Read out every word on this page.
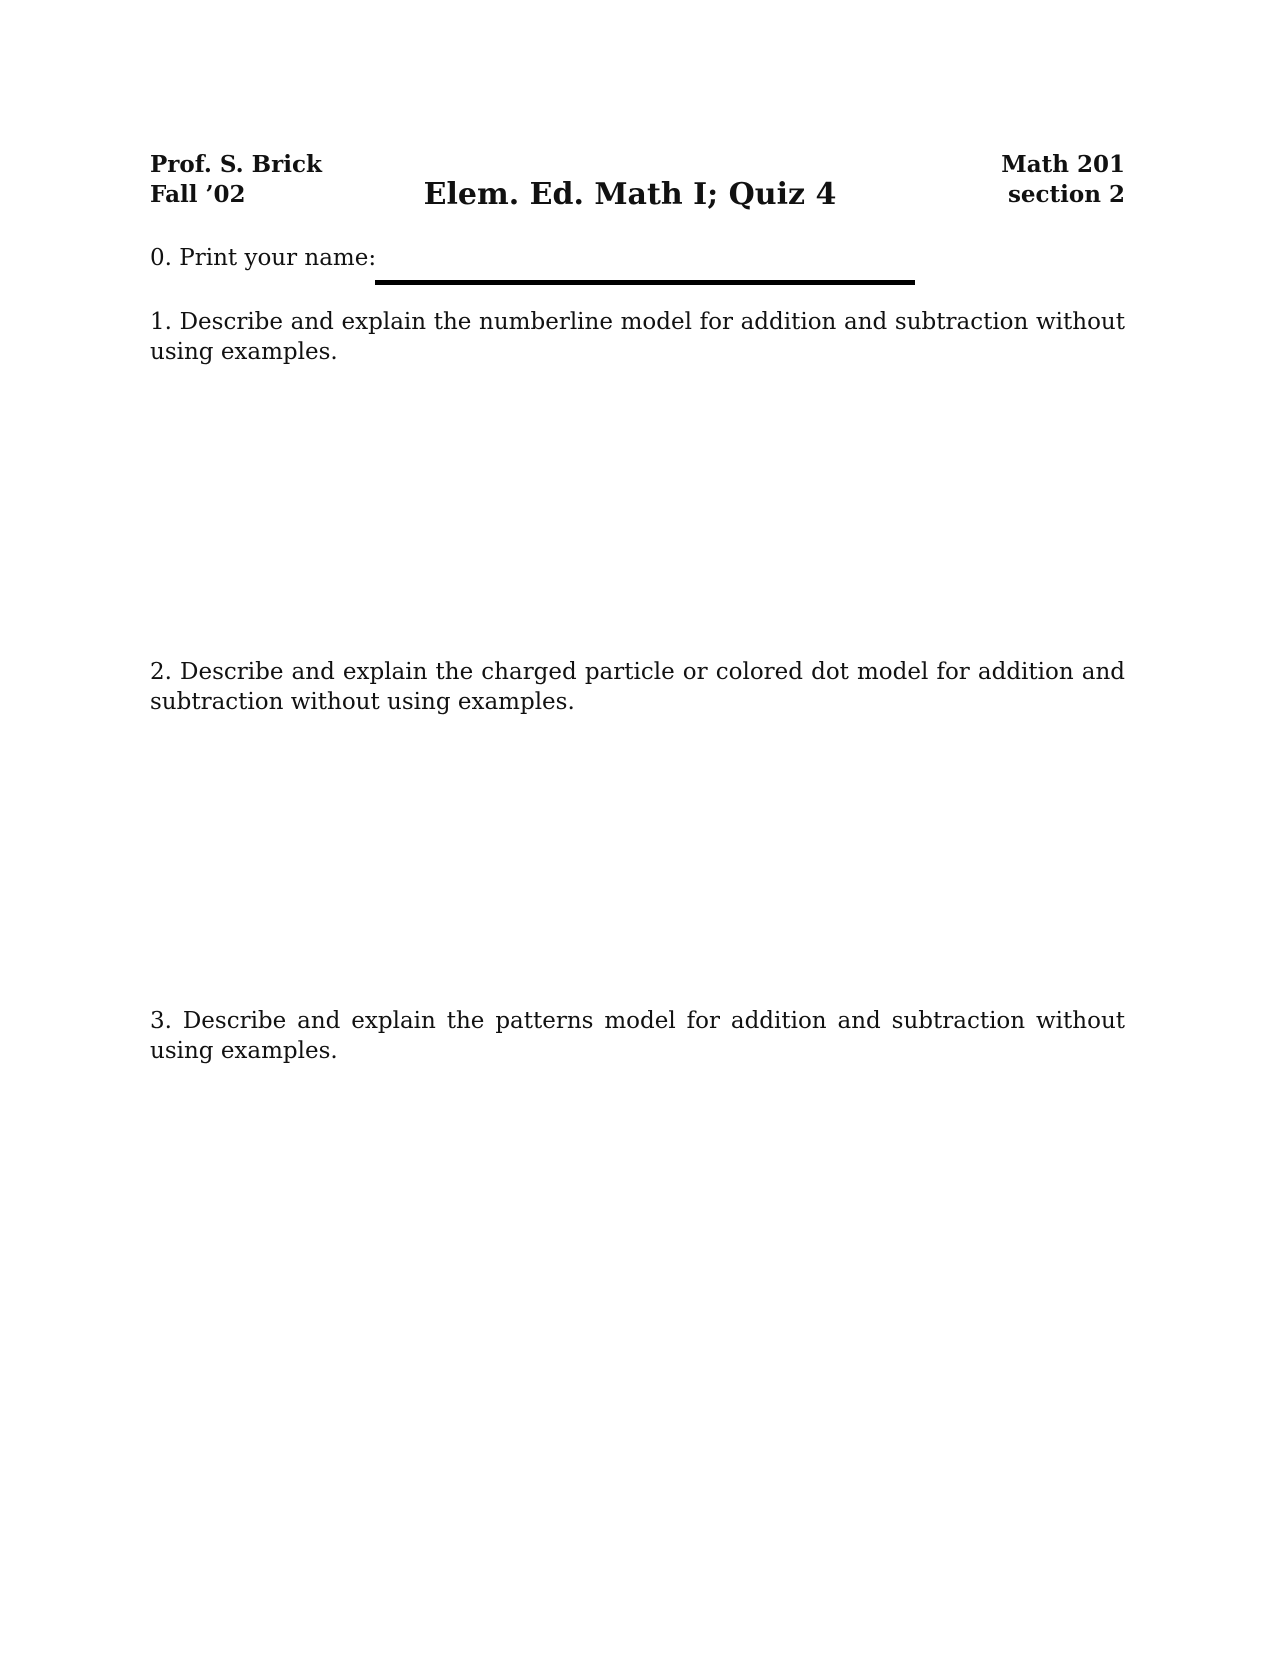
Prof. S. Brick
Fall ’02	Elem. Ed. Math I; Quiz 4
Math 201
section 2
0. Print your name:
1. Describe and explain the numberline model for addition and subtraction without using examples.
2. Describe and explain the charged particle or colored dot model for addition and subtraction without using examples.
3. Describe and explain the patterns model for addition and subtraction without using examples.
